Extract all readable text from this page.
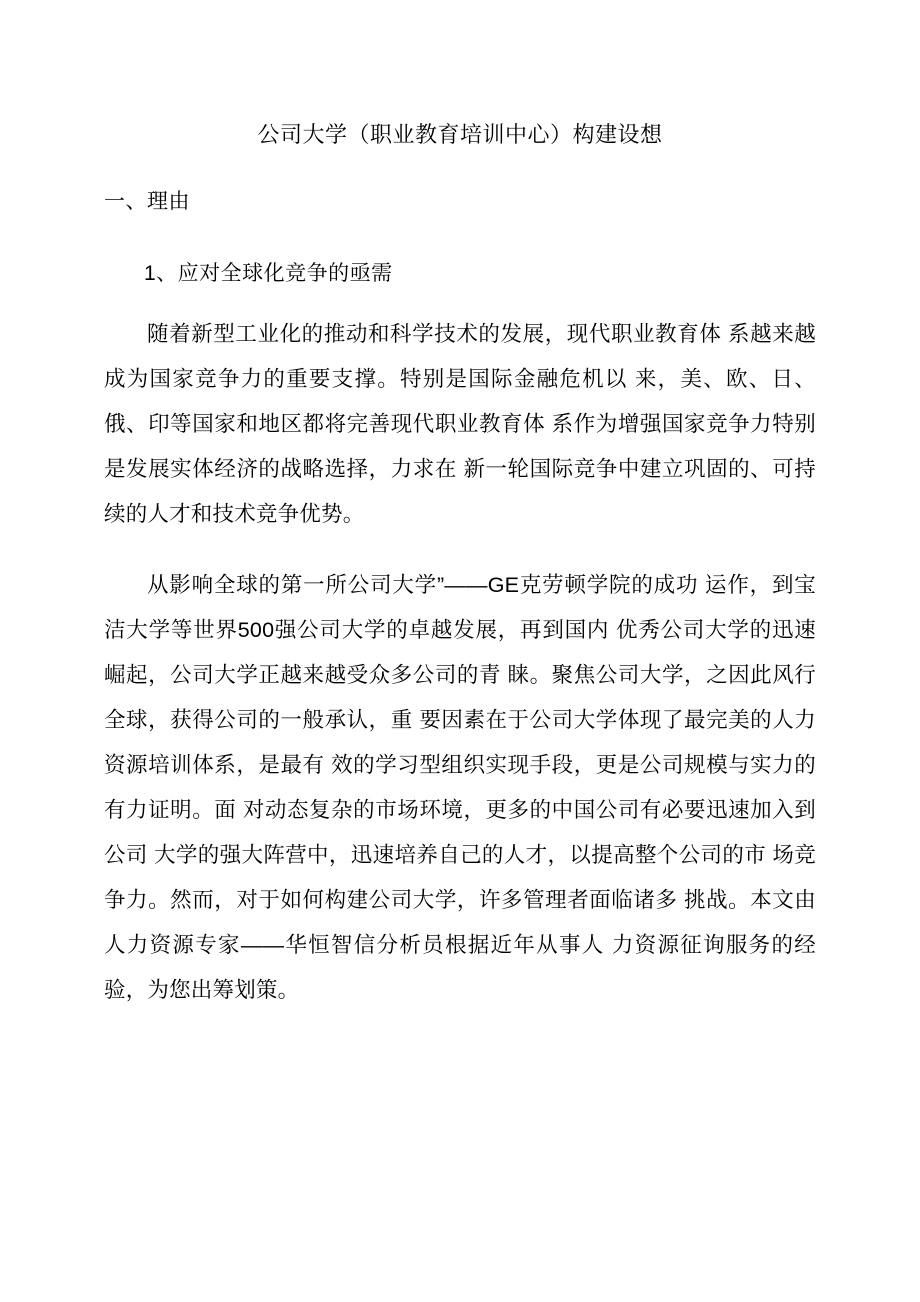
公司大学（职业教育培训中心）构建设想
一、理由
1、应对全球化竞争的亟需

随着新型工业化的推动和科学技术的发展，现代职业教育体 系越来越成为国家竞争力的重要支撑。特别是国际金融危机以 来，美、欧、日、俄、印等国家和地区都将完善现代职业教育体 系作为增强国家竞争力特别是发展实体经济的战略选择，力求在 新一轮国际竞争中建立巩固的、可持续的人才和技术竞争优势。

从影响全球的第一所公司大学”——GE克劳顿学院的成功 运作，到宝洁大学等世界500强公司大学的卓越发展，再到国内 优秀公司大学的迅速崛起，公司大学正越来越受众多公司的青 睐。聚焦公司大学，之因此风行全球，获得公司的一般承认，重 要因素在于公司大学体现了最完美的人力资源培训体系，是最有 效的学习型组织实现手段，更是公司规模与实力的有力证明。面 对动态复杂的市场环境，更多的中国公司有必要迅速加入到公司 大学的强大阵营中，迅速培养自己的人才，以提高整个公司的市 场竞争力。然而，对于如何构建公司大学，许多管理者面临诸多 挑战。本文由人力资源专家——华恒智信分析员根据近年从事人 力资源征询服务的经验，为您出筹划策。
